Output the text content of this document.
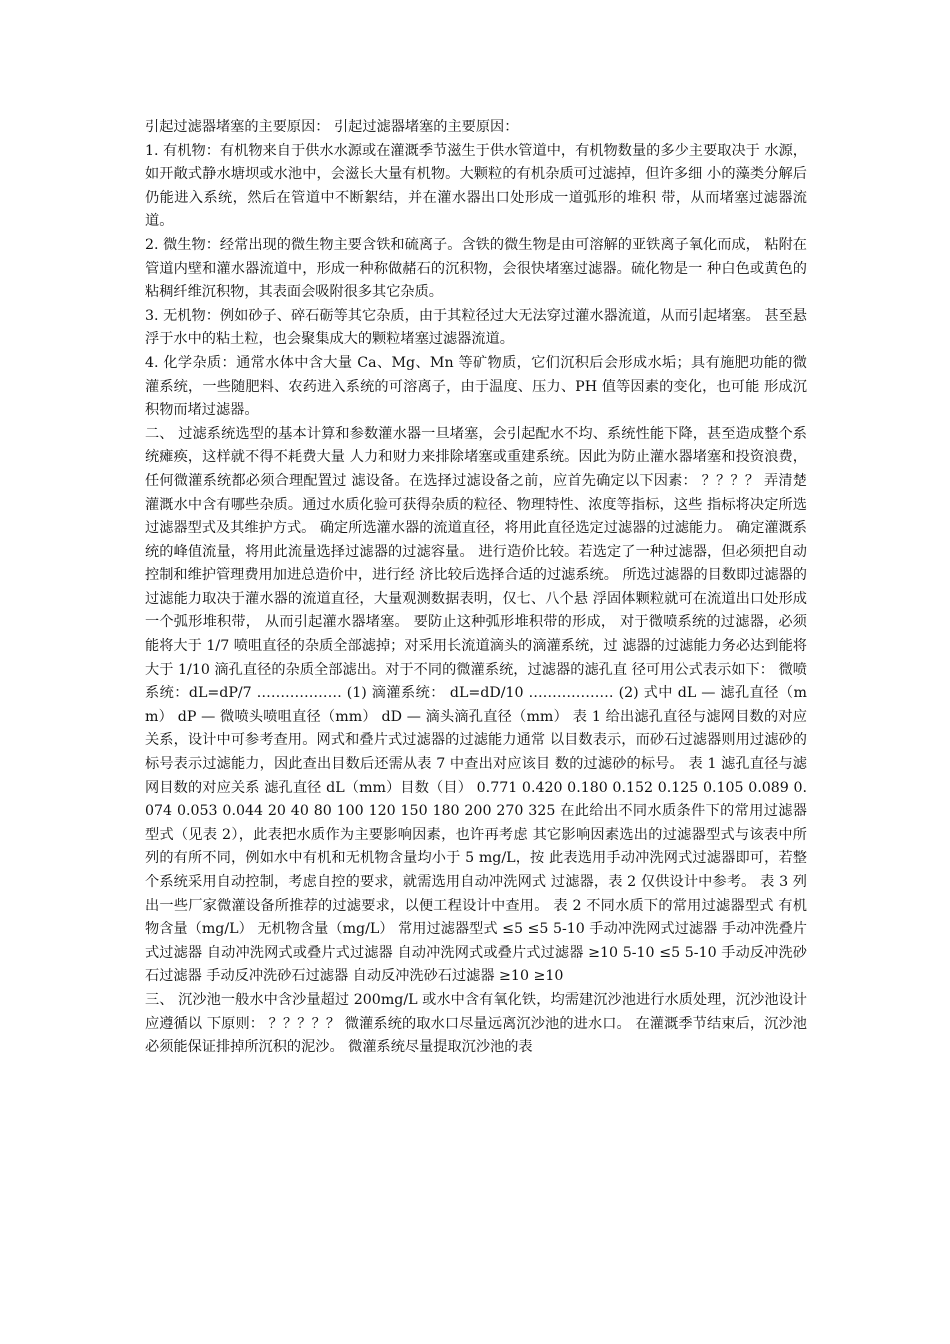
引起过滤器堵塞的主要原因： 引起过滤器堵塞的主要原因：

1. 有机物：有机物来自于供水水源或在灌溉季节滋生于供水管道中，有机物数量的多少主要取决于 水源，如开敞式静水塘坝或水池中，会滋长大量有机物。大颗粒的有机杂质可过滤掉，但许多细 小的藻类分解后仍能进入系统，然后在管道中不断絮结，并在灌水器出口处形成一道弧形的堆积 带，从而堵塞过滤器流道。

2. 微生物：经常出现的微生物主要含铁和硫离子。含铁的微生物是由可溶解的亚铁离子氧化而成， 粘附在管道内壁和灌水器流道中，形成一种称做赭石的沉积物，会很快堵塞过滤器。硫化物是一 种白色或黄色的粘稠纤维沉积物，其表面会吸附很多其它杂质。

3. 无机物：例如砂子、碎石砺等其它杂质，由于其粒径过大无法穿过灌水器流道，从而引起堵塞。 甚至悬浮于水中的粘土粒，也会聚集成大的颗粒堵塞过滤器流道。

4. 化学杂质：通常水体中含大量 Ca、Mg、Mn 等矿物质，它们沉积后会形成水垢；具有施肥功能的微 灌系统，一些随肥料、农药进入系统的可溶离子，由于温度、压力、PH 值等因素的变化，也可能 形成沉积物而堵过滤器。

二、 过滤系统选型的基本计算和参数灌水器一旦堵塞，会引起配水不均、系统性能下降，甚至造成整个系统瘫痪，这样就不得不耗费大量 人力和财力来排除堵塞或重建系统。因此为防止灌水器堵塞和投资浪费，任何微灌系统都必须合理配置过 滤设备。在选择过滤设备之前，应首先确定以下因素： ？？？？ 弄清楚灌溉水中含有哪些杂质。通过水质化验可获得杂质的粒径、物理特性、浓度等指标，这些 指标将决定所选过滤器型式及其维护方式。 确定所选灌水器的流道直径，将用此直径选定过滤器的过滤能力。 确定灌溉系统的峰值流量，将用此流量选择过滤器的过滤容量。 进行造价比较。若选定了一种过滤器，但必须把自动控制和维护管理费用加进总造价中，进行经 济比较后选择合适的过滤系统。 所选过滤器的目数即过滤器的过滤能力取决于灌水器的流道直径，大量观测数据表明，仅七、八个悬 浮固体颗粒就可在流道出口处形成一个弧形堆积带， 从而引起灌水器堵塞。 要防止这种弧形堆积带的形成， 对于微喷系统的过滤器，必须能将大于 1/7 喷咀直径的杂质全部滤掉；对采用长流道滴头的滴灌系统，过 滤器的过滤能力务必达到能将大于 1/10 滴孔直径的杂质全部滤出。对于不同的微灌系统，过滤器的滤孔直 径可用公式表示如下： 微喷系统：dL=dP/7 ……………… (1) 滴灌系统： dL=dD/10 ……………… (2) 式中 dL — 滤孔直径（mm） dP — 微喷头喷咀直径（mm） dD — 滴头滴孔直径（mm） 表 1 给出滤孔直径与滤网目数的对应关系，设计中可参考查用。网式和叠片式过滤器的过滤能力通常 以目数表示，而砂石过滤器则用过滤砂的标号表示过滤能力，因此查出目数后还需从表 7 中查出对应该目 数的过滤砂的标号。 表 1 滤孔直径与滤网目数的对应关系 滤孔直径 dL（mm）目数（目） 0.771 0.420 0.180 0.152 0.125 0.105 0.089 0.074 0.053 0.044 20 40 80 100 120 150 180 200 270 325 在此给出不同水质条件下的常用过滤器型式（见表 2），此表把水质作为主要影响因素，也许再考虑 其它影响因素选出的过滤器型式与该表中所列的有所不同，例如水中有机和无机物含量均小于 5 mg/L，按 此表选用手动冲洗网式过滤器即可，若整个系统采用自动控制，考虑自控的要求，就需选用自动冲洗网式 过滤器，表 2 仅供设计中参考。 表 3 列出一些厂家微灌设备所推荐的过滤要求，以便工程设计中查用。 表 2 不同水质下的常用过滤器型式 有机物含量（mg/L） 无机物含量（mg/L） 常用过滤器型式 ≤5 ≤5 5-10 手动冲洗网式过滤器 手动冲洗叠片式过滤器 自动冲洗网式或叠片式过滤器 自动冲洗网式或叠片式过滤器 ≥10 5-10 ≤5 5-10 手动反冲洗砂石过滤器 手动反冲洗砂石过滤器 自动反冲洗砂石过滤器 ≥10 ≥10

三、 沉沙池一般水中含沙量超过 200mg/L 或水中含有氧化铁，均需建沉沙池进行水质处理，沉沙池设计应遵循以 下原则： ？？？？？ 微灌系统的取水口尽量远离沉沙池的进水口。 在灌溉季节结束后，沉沙池必须能保证排掉所沉积的泥沙。 微灌系统尽量提取沉沙池的表
